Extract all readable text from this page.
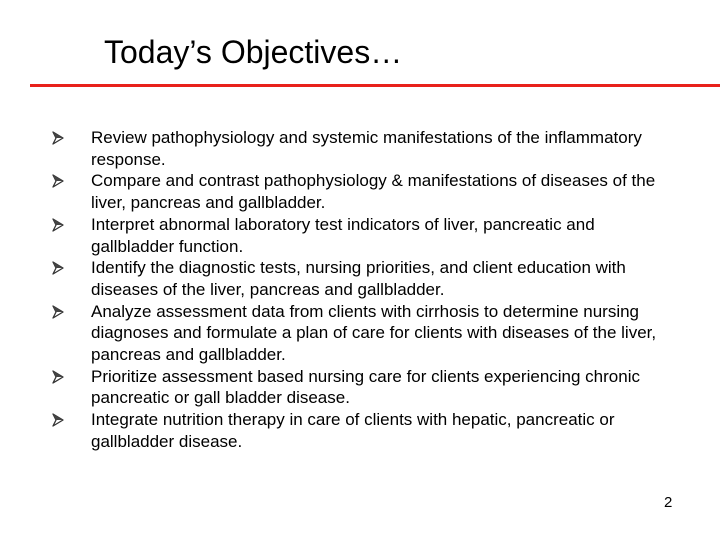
Today’s Objectives…
Review pathophysiology and systemic manifestations of the inflammatory response.
Compare and contrast pathophysiology & manifestations of diseases of the liver, pancreas and gallbladder.
Interpret abnormal laboratory test indicators of liver, pancreatic and gallbladder function.
Identify the diagnostic tests, nursing priorities, and client education with diseases of the liver, pancreas and gallbladder.
Analyze assessment data from clients with cirrhosis to determine nursing diagnoses and formulate a plan of care for clients with diseases of the liver, pancreas and gallbladder.
Prioritize assessment based nursing care for clients experiencing chronic pancreatic or gall bladder disease.
Integrate nutrition therapy in care of clients with hepatic, pancreatic or gallbladder disease.
2
